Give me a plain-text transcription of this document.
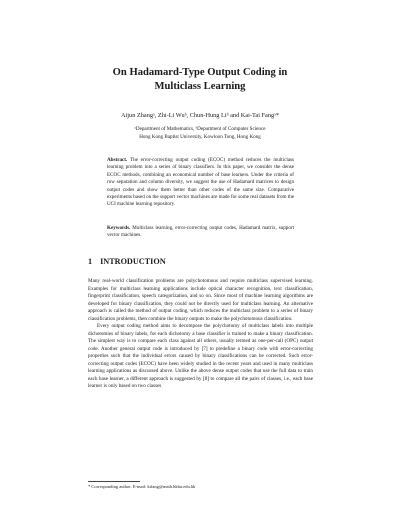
On Hadamard-Type Output Coding in
Multiclass Learning
Aijun Zhangᵃ, Zhi-Li Wuᵇ, Chun-Hung Liᵇ and Kai-Tai Fangᵃ*
ᵃDepartment of Mathematics, ᵇDepartment of Computer Science
Hong Kong Baptist University, Kowloon Tong, Hong Kong
Abstract. The error-correcting output coding (ECOC) method reduces the multiclass learning problem into a series of binary classifiers. In this paper, we consider the dense ECOC methods, combining an economical number of base learners. Under the criteria of row separation and column diversity, we suggest the use of Hadamard matrices to design output codes and show them better than other codes of the same size. Comparative experiments based on the support vector machines are made for some real datasets from the UCI machine learning repository.
Keywords. Multiclass learning, error-correcting output codes, Hadamard matrix, support vector machines.
1 INTRODUCTION

Many real-world classification problems are polychotomous and require multiclass supervised learning. Examples for multiclass learning applications include optical character recognition, text classification, fingerprint classification, speech categorization, and so on. Since most of machine learning algorithms are developed for binary classification, they could not be directly used for multiclass learning. An alternative approach is called the method of output coding, which reduces the multiclass problem to a series of binary classification problems, then combine the binary outputs to make the polychotomous classification.

Every output coding method aims to decompose the polychotomy of multiclass labels into multiple dichotomies of binary labels, for each dichotomy a base classifier is trained to make a binary classification. The simplest way is to compare each class against all others, usually termed as one-per-call (OPC) output code. Another general output code is introduced by [7] to predefine a binary code with error-correcting properties such that the individual errors caused by binary classifications can be corrected. Such error-correcting output codes (ECOC) have been widely studied in the recent years and used in many multiclass learning applications as discussed above. Unlike the above dense output codes that use the full data to train each base learner, a different approach is suggested by [8] to compare all the pairs of classes, i.e., each base learner is only based on two classes

* Corresponding author. E-mail: ktfang@math.hkbu.edu.hk
